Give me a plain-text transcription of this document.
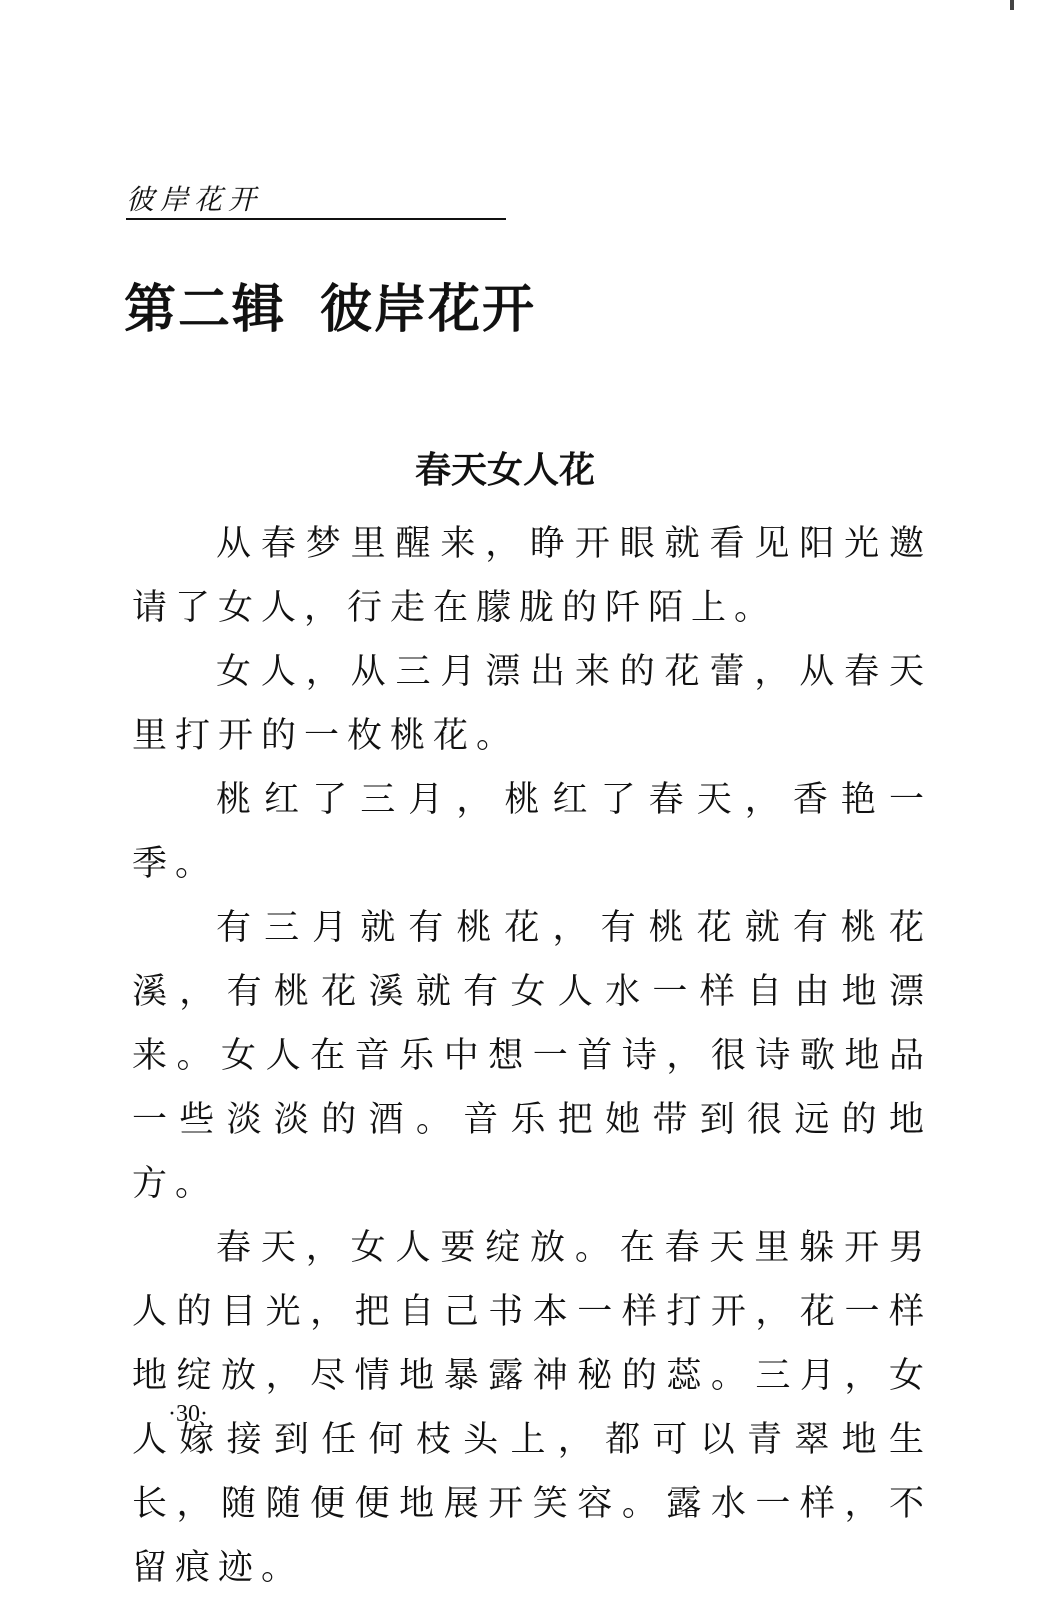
彼岸花开
第二辑 彼岸花开
春天女人花

从春梦里醒来，睁开眼就看见阳光邀请了女人，行走在朦胧的阡陌上。

女人，从三月漂出来的花蕾，从春天里打开的一枚桃花。

桃红了三月，桃红了春天，香艳一季。

有三月就有桃花，有桃花就有桃花溪，有桃花溪就有女人水一样自由地漂来。女人在音乐中想一首诗，很诗歌地品一些淡淡的酒。音乐把她带到很远的地方。

春天，女人要绽放。在春天里躲开男人的目光，把自己书本一样打开，花一样地绽放，尽情地暴露神秘的蕊。三月，女人嫁接到任何枝头上，都可以青翠地生长，随随便便地展开笑容。露水一样，不留痕迹。

·30·
